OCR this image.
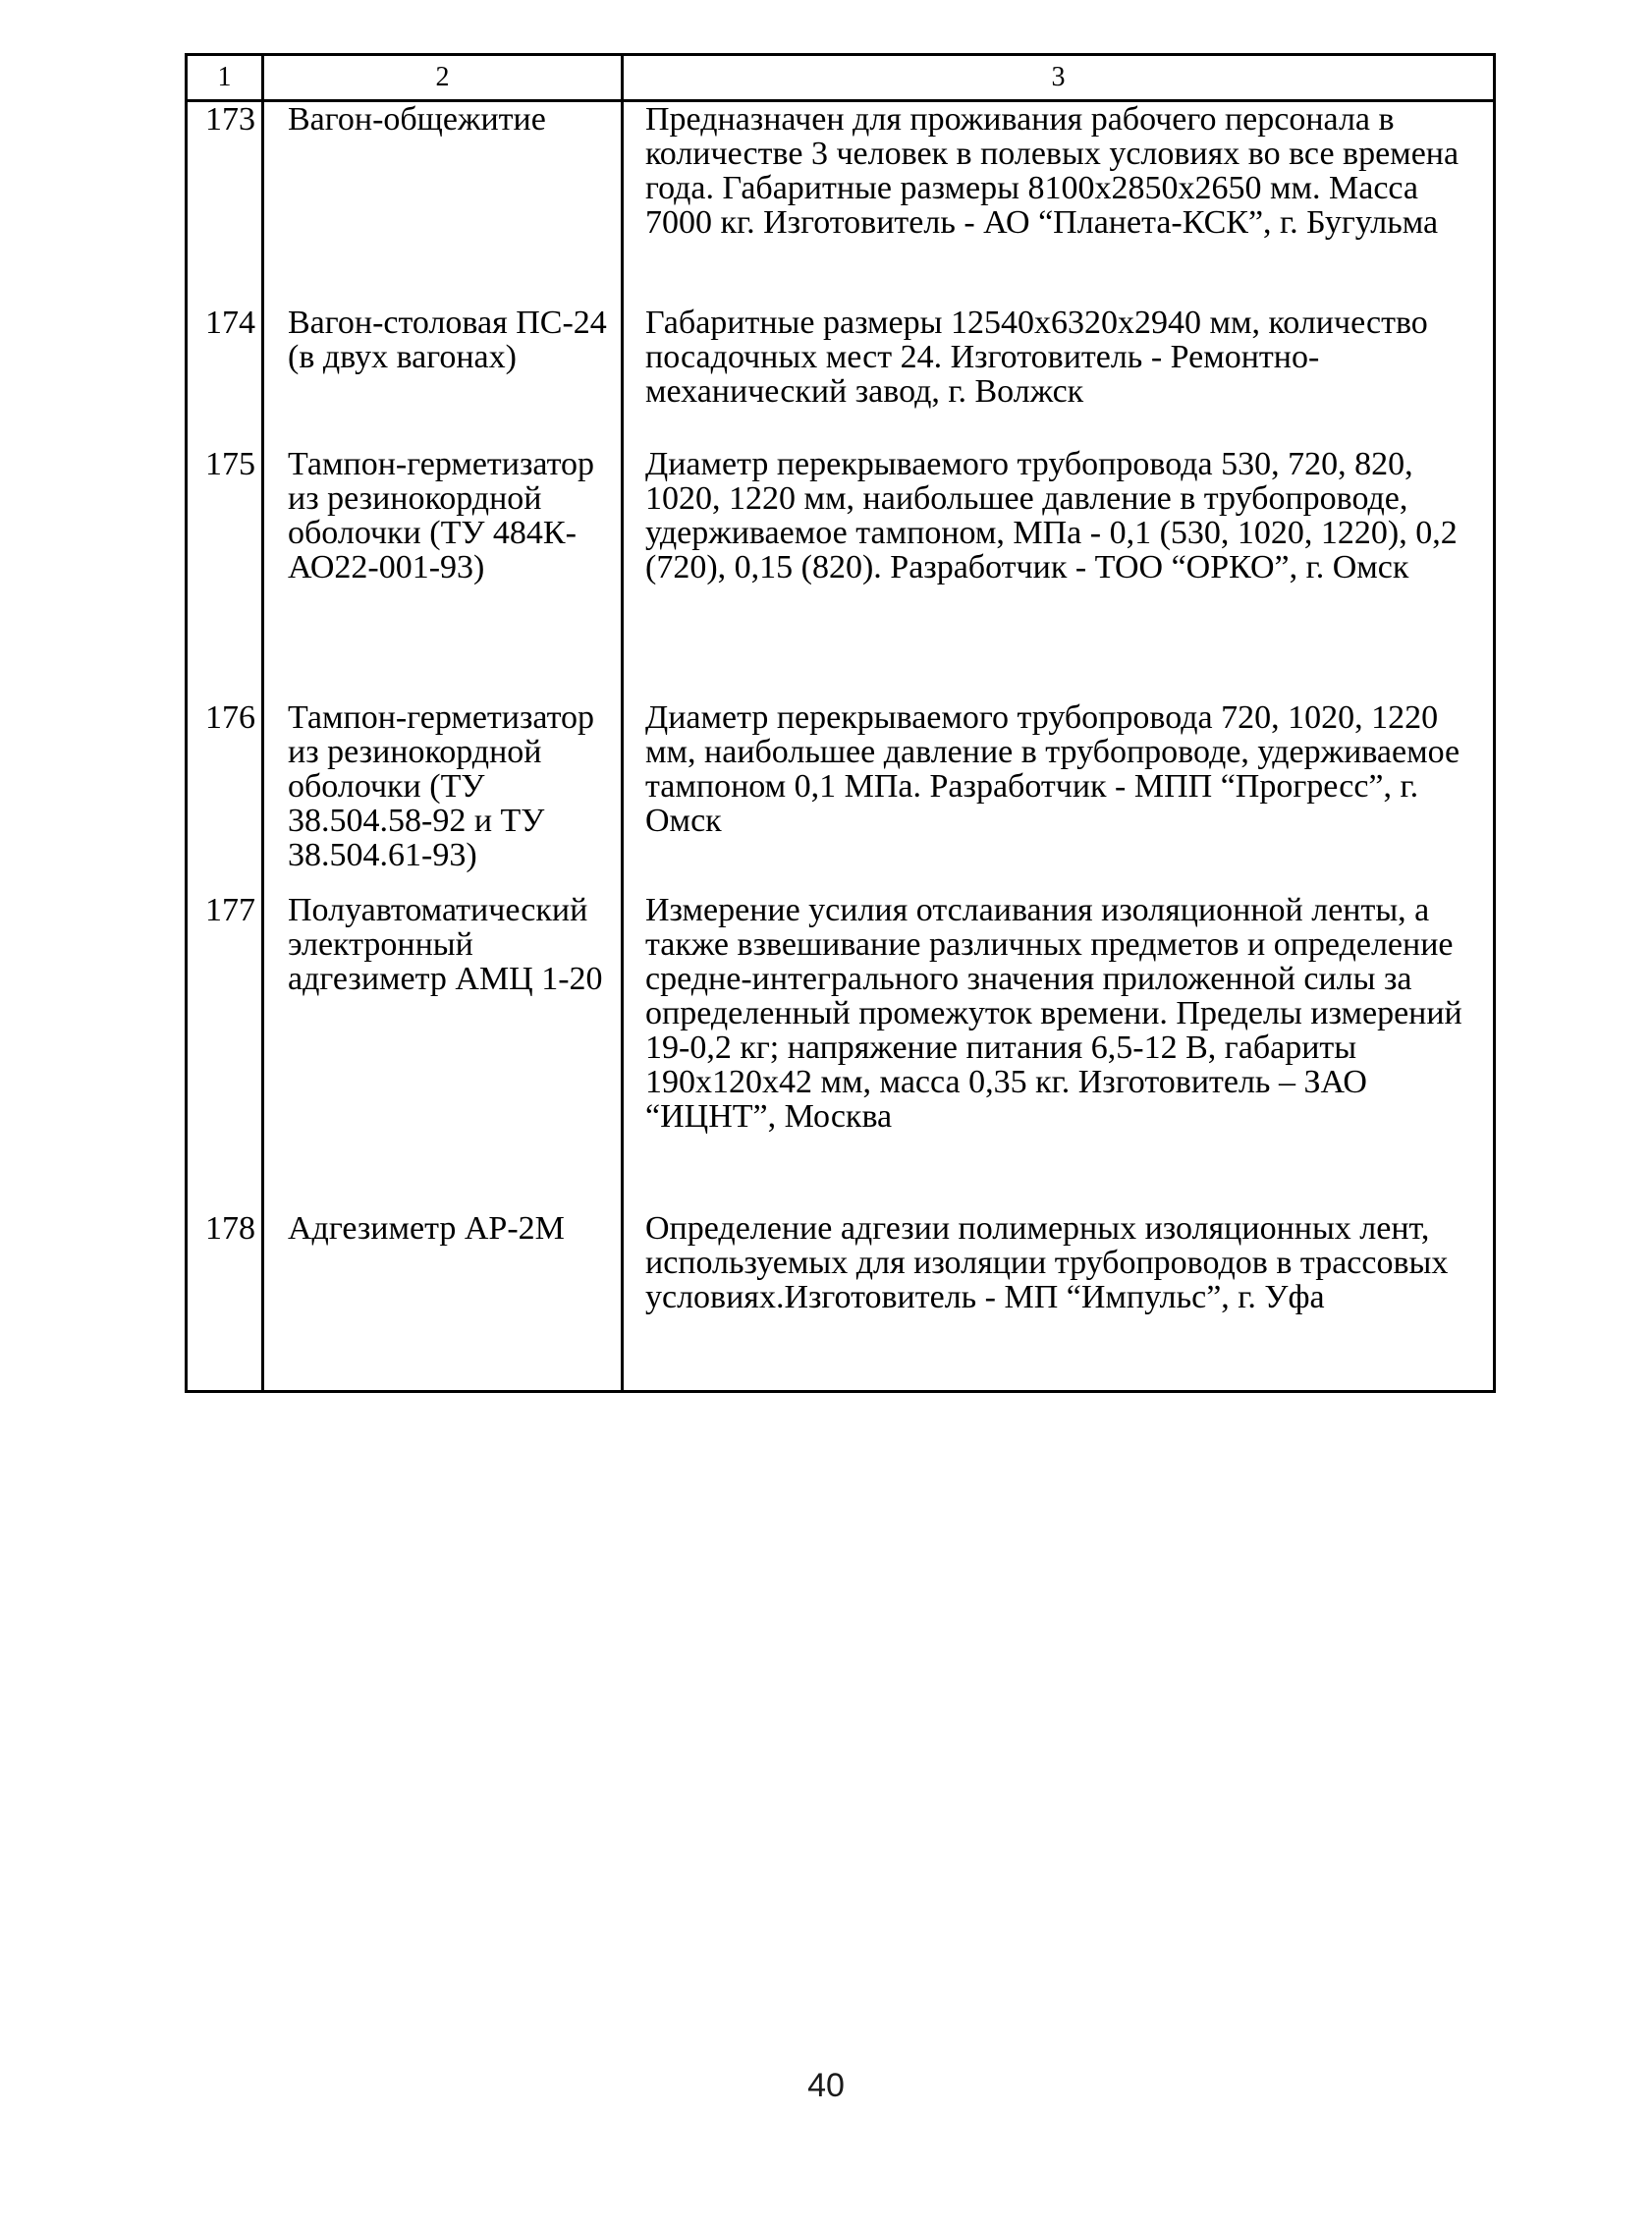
1	2	3
173	Вагон-общежитие	Предназначен для проживания рабочего персонала в количестве 3 человек в полевых условиях во все времена года. Габаритные размеры 8100х2850х2650 мм. Масса 7000 кг. Изготовитель - АО “Планета-КСК”, г. Бугульма
174	Вагон-столовая ПС-24 (в двух вагонах)	Габаритные размеры 12540х6320х2940 мм, количество посадочных мест 24. Изготовитель - Ремонтно-механический завод, г. Волжск
175	Тампон-герметизатор из резинокордной оболочки (ТУ 484К-АО22-001-93)	Диаметр перекрываемого трубопровода 530, 720, 820, 1020, 1220 мм, наибольшее давление в трубопроводе, удерживаемое тампоном, МПа - 0,1 (530, 1020, 1220), 0,2 (720), 0,15 (820). Разработчик - ТОО “ОРКО”, г. Омск
176	Тампон-герметизатор из резинокордной оболочки (ТУ 38.504.58-92 и ТУ 38.504.61-93)	Диаметр перекрываемого трубопровода 720, 1020, 1220 мм, наибольшее давление в трубопроводе, удерживаемое тампоном 0,1 МПа. Разработчик - МПП “Прогресс”, г. Омск
177	Полуавтоматический электронный адгезиметр АМЦ 1-20	Измерение усилия отслаивания изоляционной ленты, а также взвешивание различных предметов и определение средне-интегрального значения приложенной силы за определенный промежуток времени. Пределы измерений 19-0,2 кг; напряжение питания 6,5-12 В, габариты 190х120х42 мм, масса 0,35 кг. Изготовитель – ЗАО “ИЦНТ”, Москва
178	Адгезиметр АР-2М	Определение адгезии полимерных изоляционных лент, используемых для изоляции трубопроводов в трассовых условиях.Изготовитель - МП “Импульс”, г. Уфа
40
